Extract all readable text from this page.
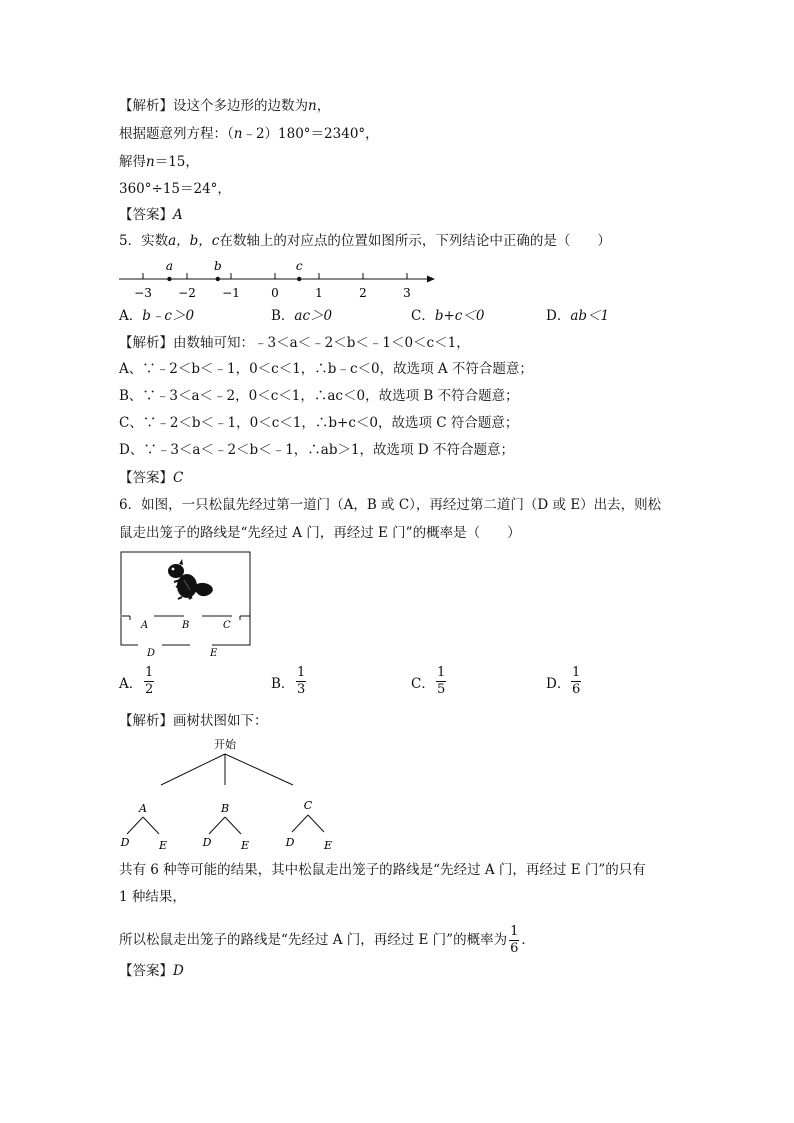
【解析】设这个多边形的边数为n，
根据题意列方程：（n﹣2）180°＝2340°，
解得n＝15，
360°÷15＝24°，
【答案】A
5．实数a，b，c在数轴上的对应点的位置如图所示，下列结论中正确的是（　　）
−3 −2 −1	0	1	2	3
a	b	c
A．b﹣c＞0	B．ac＞0	C．b+c＜0	D．ab＜1
【解析】由数轴可知：﹣3＜a＜﹣2＜b＜﹣1＜0＜c＜1，
A、∵﹣2＜b＜﹣1，0＜c＜1，∴b﹣c＜0，故选项 A 不符合题意；
B、∵﹣3＜a＜﹣2，0＜c＜1，∴ac＜0，故选项 B 不符合题意；
C、∵﹣2＜b＜﹣1，0＜c＜1，∴b+c＜0，故选项 C 符合题意；
D、∵﹣3＜a＜﹣2＜b＜﹣1，∴ab＞1，故选项 D 不符合题意；
【答案】C
6．如图，一只松鼠先经过第一道门（A，B 或 C），再经过第二道门（D 或 E）出去，则松
鼠走出笼子的路线是“先经过 A 门，再经过 E 门”的概率是（　　）
A	B	C
D	E
A． $\frac{1}{2}$	B． $\frac{1}{3}$	C． $\frac{1}{5}$	D． $\frac{1}{6}$
【解析】画树状图如下：
开始
A	B	C
D	E	D	E	D	E
共有 6 种等可能的结果，其中松鼠走出笼子的路线是“先经过 A 门，再经过 E 门”的只有
1 种结果，
所以松鼠走出笼子的路线是“先经过 A 门，再经过 E 门”的概率为 $\frac{1}{6}$ ．
【答案】D
